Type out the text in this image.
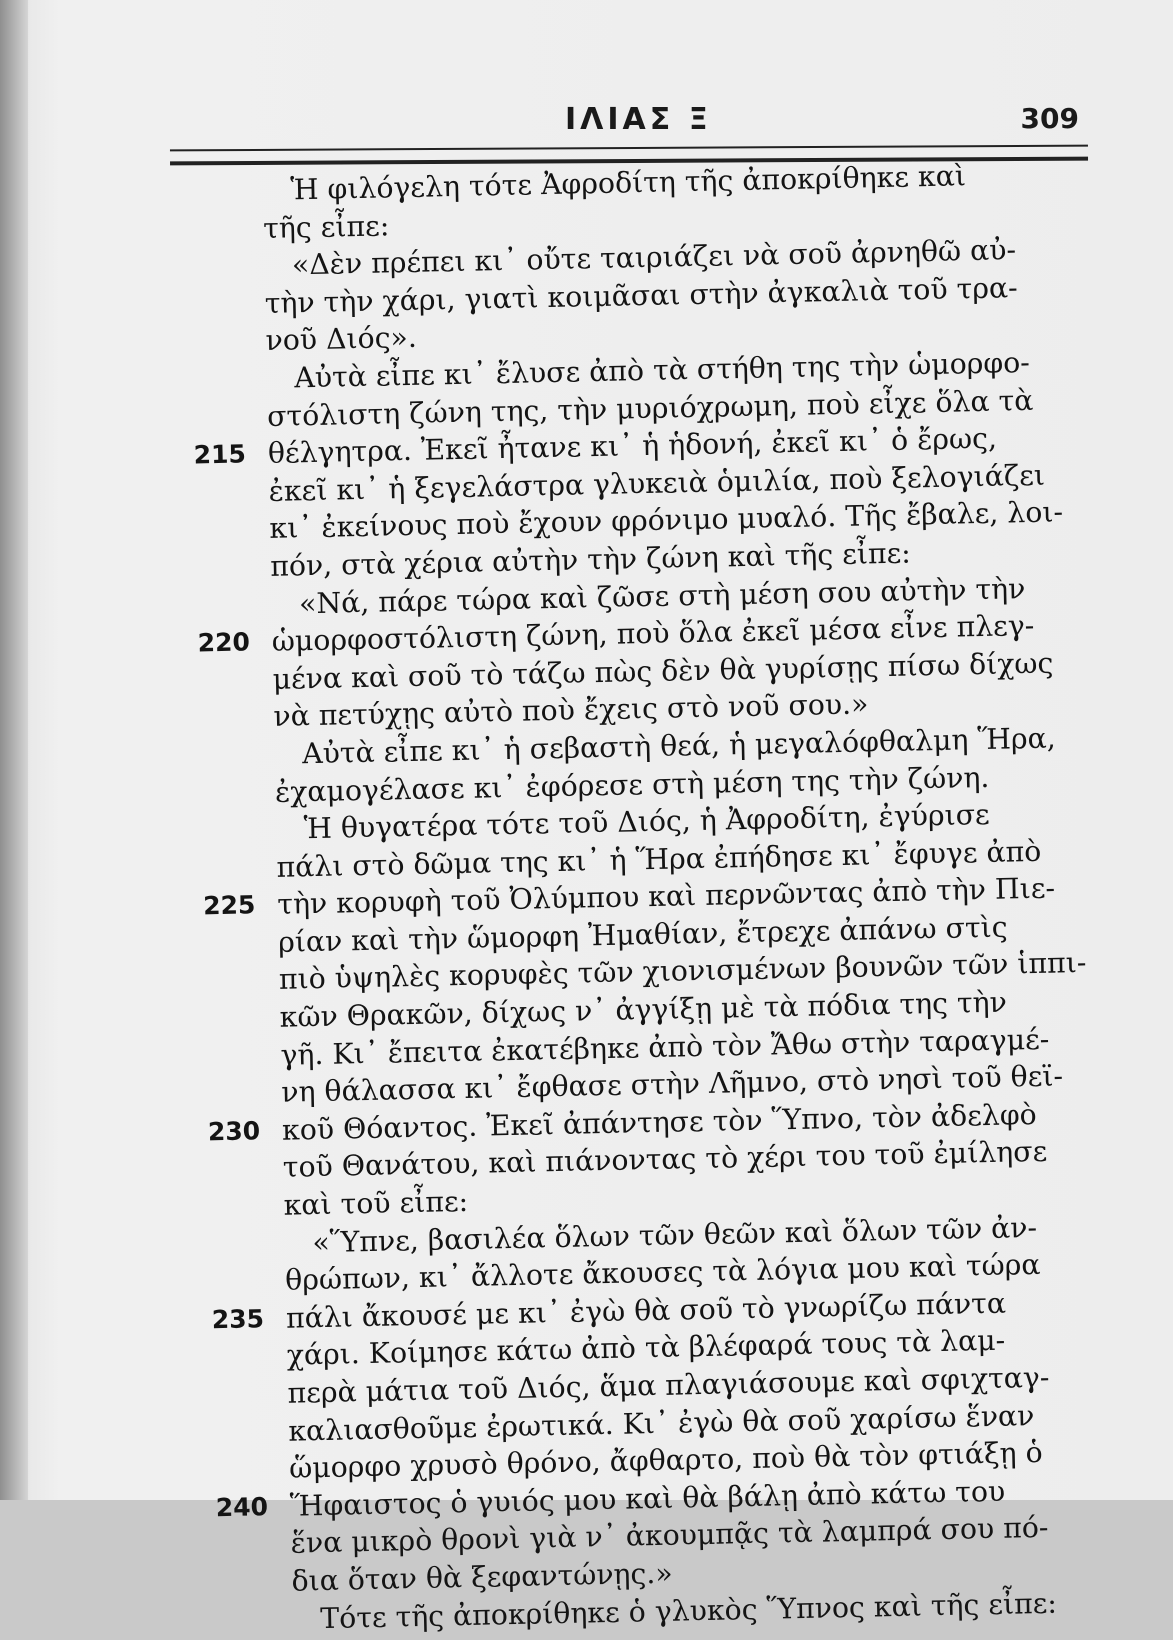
ΙΛΙΑΣ Ξ	309
Ἡ φιλόγελη τότε Ἀφροδίτη τῆς ἀποκρίθηκε καὶ
τῆς εἶπε:
«Δὲν πρέπει κι᾽ οὔτε ταιριάζει νὰ σοῦ ἀρνηθῶ αὐ-
τὴν τὴν χάρι, γιατὶ κοιμᾶσαι στὴν ἀγκαλιὰ τοῦ τρα-
νοῦ Διός».
Αὐτὰ εἶπε κι᾽ ἔλυσε ἀπὸ τὰ στήθη της τὴν ὡμορφο-
στόλιστη ζώνη της, τὴν μυριόχρωμη, ποὺ εἶχε ὅλα τὰ
215 θέλγητρα. Ἐκεῖ ἦτανε κι᾽ ἡ ἡδονή, ἐκεῖ κι᾽ ὁ ἔρως,
ἐκεῖ κι᾽ ἡ ξεγελάστρα γλυκειὰ ὁμιλία, ποὺ ξελογιάζει
κι᾽ ἐκείνους ποὺ ἔχουν φρόνιμο μυαλό. Τῆς ἔβαλε, λοι-
πόν, στὰ χέρια αὐτὴν τὴν ζώνη καὶ τῆς εἶπε:
«Νά, πάρε τώρα καὶ ζῶσε στὴ μέση σου αὐτὴν τὴν
220 ὡμορφοστόλιστη ζώνη, ποὺ ὅλα ἐκεῖ μέσα εἶνε πλεγ-
μένα καὶ σοῦ τὸ τάζω πὼς δὲν θὰ γυρίσῃς πίσω δίχως
νὰ πετύχῃς αὐτὸ ποὺ ἔχεις στὸ νοῦ σου.»
Αὐτὰ εἶπε κι᾽ ἡ σεβαστὴ θεά, ἡ μεγαλόφθαλμη Ἥρα,
ἐχαμογέλασε κι᾽ ἐφόρεσε στὴ μέση της τὴν ζώνη.
Ἡ θυγατέρα τότε τοῦ Διός, ἡ Ἀφροδίτη, ἐγύρισε
πάλι στὸ δῶμα της κι᾽ ἡ Ἥρα ἐπήδησε κι᾽ ἔφυγε ἀπὸ
225 τὴν κορυφὴ τοῦ Ὀλύμπου καὶ περνῶντας ἀπὸ τὴν Πιε-
ρίαν καὶ τὴν ὥμορφη Ἠμαθίαν, ἔτρεχε ἀπάνω στὶς
πιὸ ὑψηλὲς κορυφὲς τῶν χιονισμένων βουνῶν τῶν ἱππι-
κῶν Θρακῶν, δίχως ν᾽ ἀγγίξῃ μὲ τὰ πόδια της τὴν
γῆ. Κι᾽ ἔπειτα ἐκατέβηκε ἀπὸ τὸν Ἄθω στὴν ταραγμέ-
νη θάλασσα κι᾽ ἔφθασε στὴν Λῆμνο, στὸ νησὶ τοῦ θεϊ-
230 κοῦ Θόαντος. Ἐκεῖ ἀπάντησε τὸν Ὕπνο, τὸν ἀδελφὸ
τοῦ Θανάτου, καὶ πιάνοντας τὸ χέρι του τοῦ ἐμίλησε
καὶ τοῦ εἶπε:
«Ὕπνε, βασιλέα ὅλων τῶν θεῶν καὶ ὅλων τῶν ἀν-
θρώπων, κι᾽ ἄλλοτε ἄκουσες τὰ λόγια μου καὶ τώρα
235 πάλι ἄκουσέ με κι᾽ ἐγὼ θὰ σοῦ τὸ γνωρίζω πάντα
χάρι. Κοίμησε κάτω ἀπὸ τὰ βλέφαρά τους τὰ λαμ-
περὰ μάτια τοῦ Διός, ἅμα πλαγιάσουμε καὶ σφιχταγ-
καλιασθοῦμε ἐρωτικά. Κι᾽ ἐγὼ θὰ σοῦ χαρίσω ἕναν
ὥμορφο χρυσὸ θρόνο, ἄφθαρτο, ποὺ θὰ τὸν φτιάξῃ ὁ
240 Ἥφαιστος ὁ γυιός μου καὶ θὰ βάλῃ ἀπὸ κάτω του
ἕνα μικρὸ θρονὶ γιὰ ν᾽ ἀκουμπᾷς τὰ λαμπρά σου πό-
δια ὅταν θὰ ξεφαντώνῃς.»
Τότε τῆς ἀποκρίθηκε ὁ γλυκὸς Ὕπνος καὶ τῆς εἶπε:
